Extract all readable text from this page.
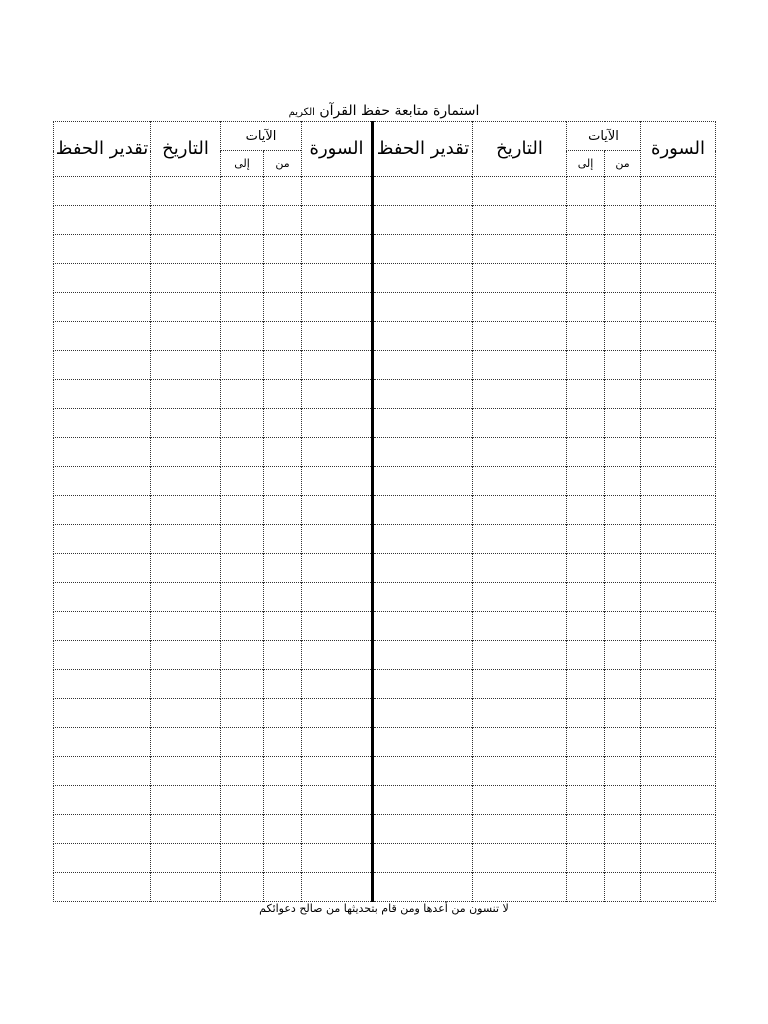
استمارة متابعة حفظ القرآن الكريم
السورة	الآيات		التاريخ	تقدير الحفظ	السورة	الآيات		التاريخ	تقدير الحفظ
	من	إلى				من	إلى		

لا تنسون من أعدها ومن قام بتحديثها من صالح دعوائكم
